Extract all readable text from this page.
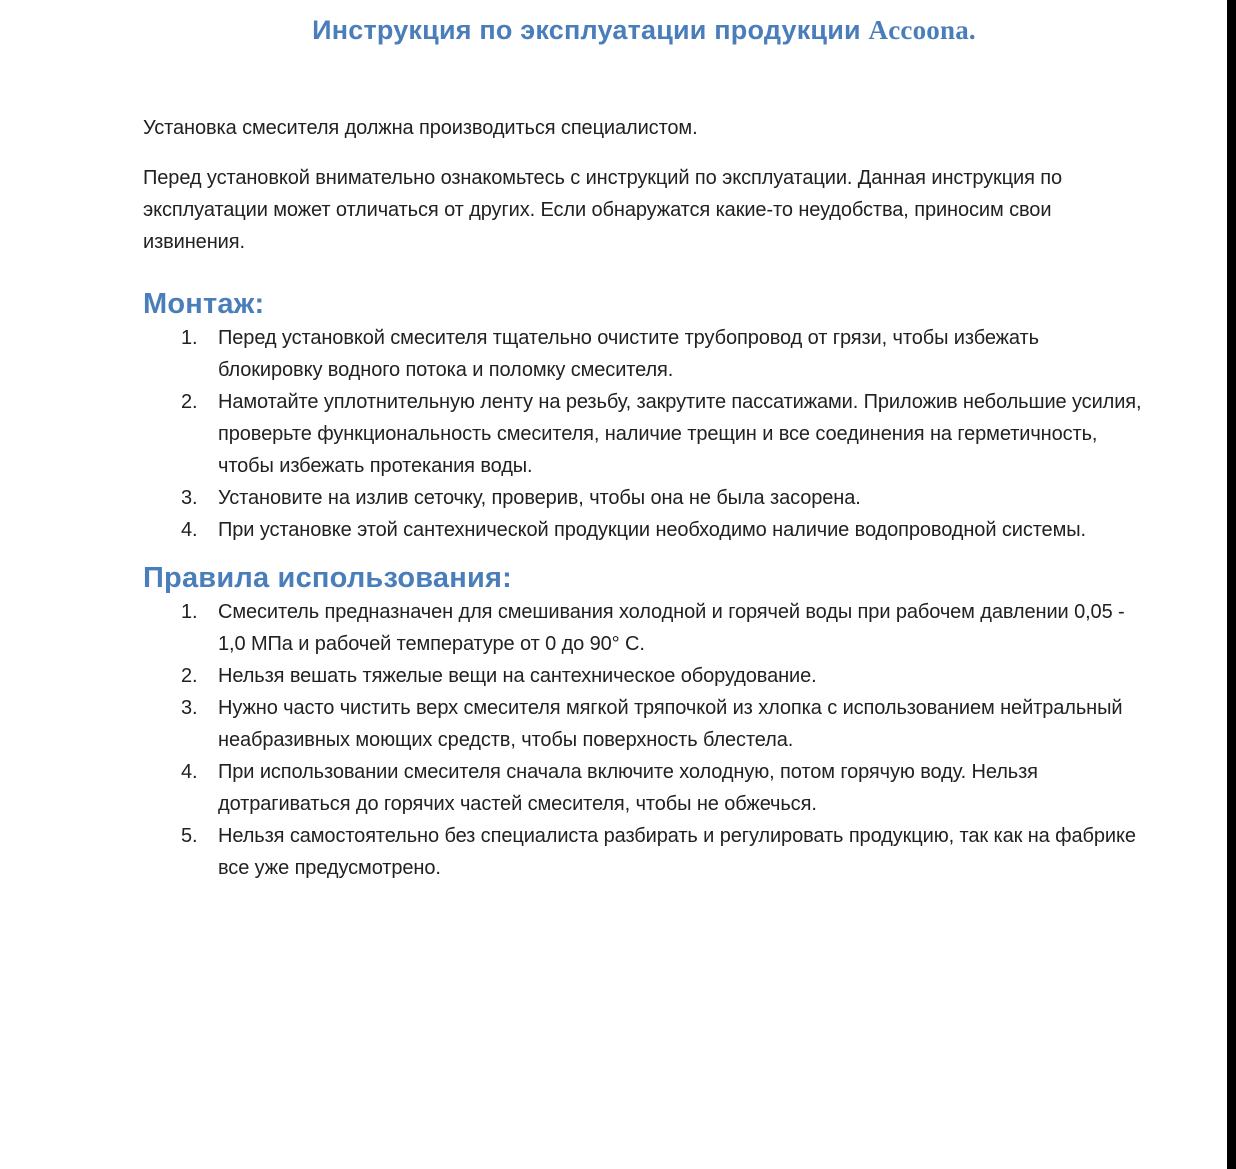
Инструкция по эксплуатации продукции Accoona.

Установка смесителя должна производиться специалистом.

Перед установкой внимательно ознакомьтесь с инструкций по эксплуатации. Данная инструкция по эксплуатации может отличаться от других. Если обнаружатся какие-то неудобства, приносим свои извинения.

Монтаж:
Перед установкой смесителя тщательно очистите трубопровод от грязи, чтобы избежать блокировку водного потока и поломку смесителя.
Намотайте уплотнительную ленту на резьбу, закрутите пассатижами. Приложив небольшие усилия, проверьте функциональность смесителя, наличие трещин и все соединения на герметичность, чтобы избежать протекания воды.
Установите на излив сеточку, проверив, чтобы она не была засорена.
При установке этой сантехнической продукции необходимо наличие водопроводной системы.
Правила использования:
Смеситель предназначен для смешивания холодной и горячей воды при рабочем давлении 0,05 - 1,0 МПа и рабочей температуре от 0 до 90° С.
Нельзя вешать тяжелые вещи на сантехническое оборудование.
Нужно часто чистить верх смесителя мягкой тряпочкой из хлопка с использованием нейтральный неабразивных моющих средств, чтобы поверхность блестела.
При использовании смесителя сначала включите холодную, потом горячую воду. Нельзя дотрагиваться до горячих частей смесителя, чтобы не обжечься.
Нельзя самостоятельно без специалиста разбирать и регулировать продукцию, так как на фабрике все уже предусмотрено.
